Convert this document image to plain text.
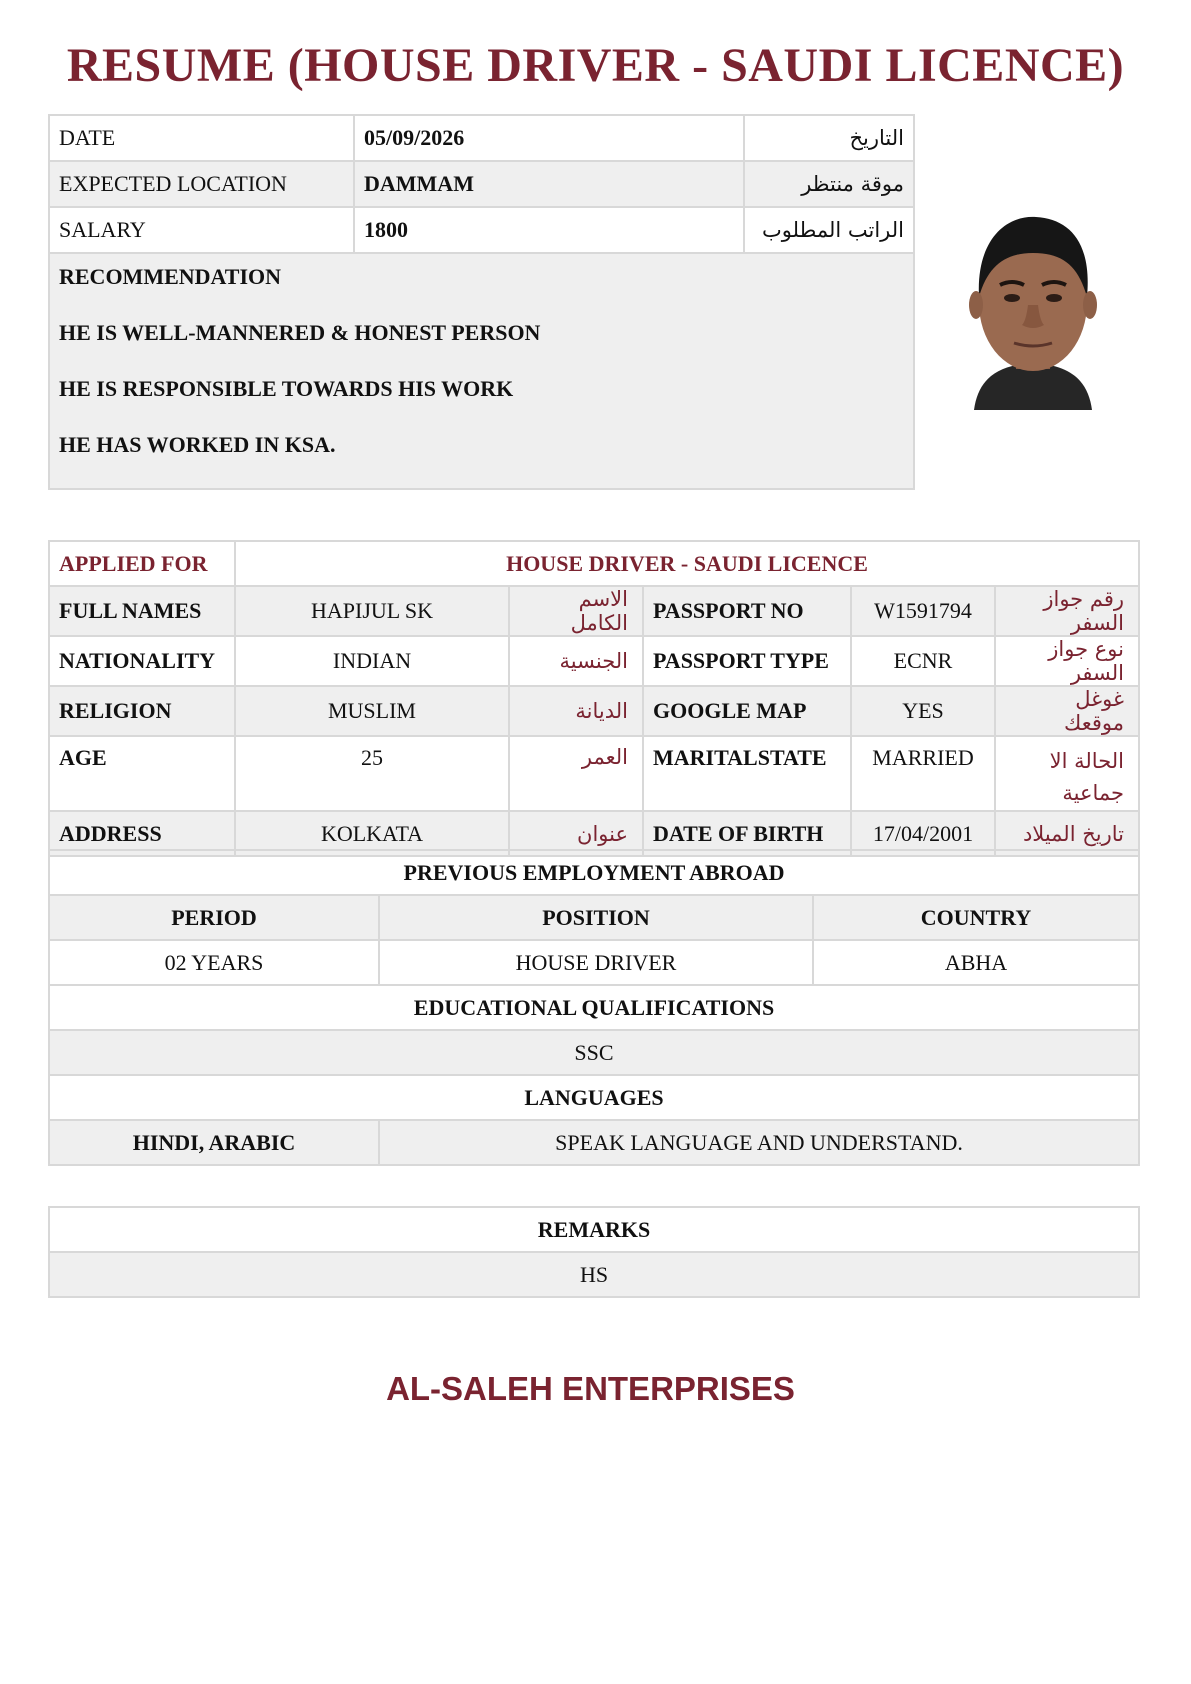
RESUME (HOUSE DRIVER - SAUDI LICENCE)
DATE	05/09/2026	التاريخ
EXPECTED LOCATION	DAMMAM	موقة منتظر
SALARY	1800	الراتب المطلوب

RECOMMENDATION
HE IS WELL-MANNERED & HONEST PERSON
HE IS RESPONSIBLE TOWARDS HIS WORK
HE HAS WORKED IN KSA.		
APPLIED FOR	HOUSE DRIVER - SAUDI LICENCE				
FULL NAMES	HAPIJUL SK	الاسم الكامل	PASSPORT NO	W1591794	رقم جواز السفر
NATIONALITY	INDIAN	الجنسية	PASSPORT TYPE	ECNR	نوع جواز السفر
RELIGION	MUSLIM	الديانة	GOOGLE MAP	YES	غوغل موقعك
AGE	25	العمر	MARITALSTATE	MARRIED	الحالة الا جماعية
ADDRESS	KOLKATA	عنوان	DATE OF BIRTH	17/04/2001	تاريخ الميلاد
PREVIOUS EMPLOYMENT ABROAD		
PERIOD	POSITION	COUNTRY
02 YEARS	HOUSE DRIVER	ABHA
EDUCATIONAL QUALIFICATIONS		
SSC		
LANGUAGES		
HINDI, ARABIC	SPEAK LANGUAGE AND UNDERSTAND.	
REMARKS
HS
AL-SALEH ENTERPRISES
